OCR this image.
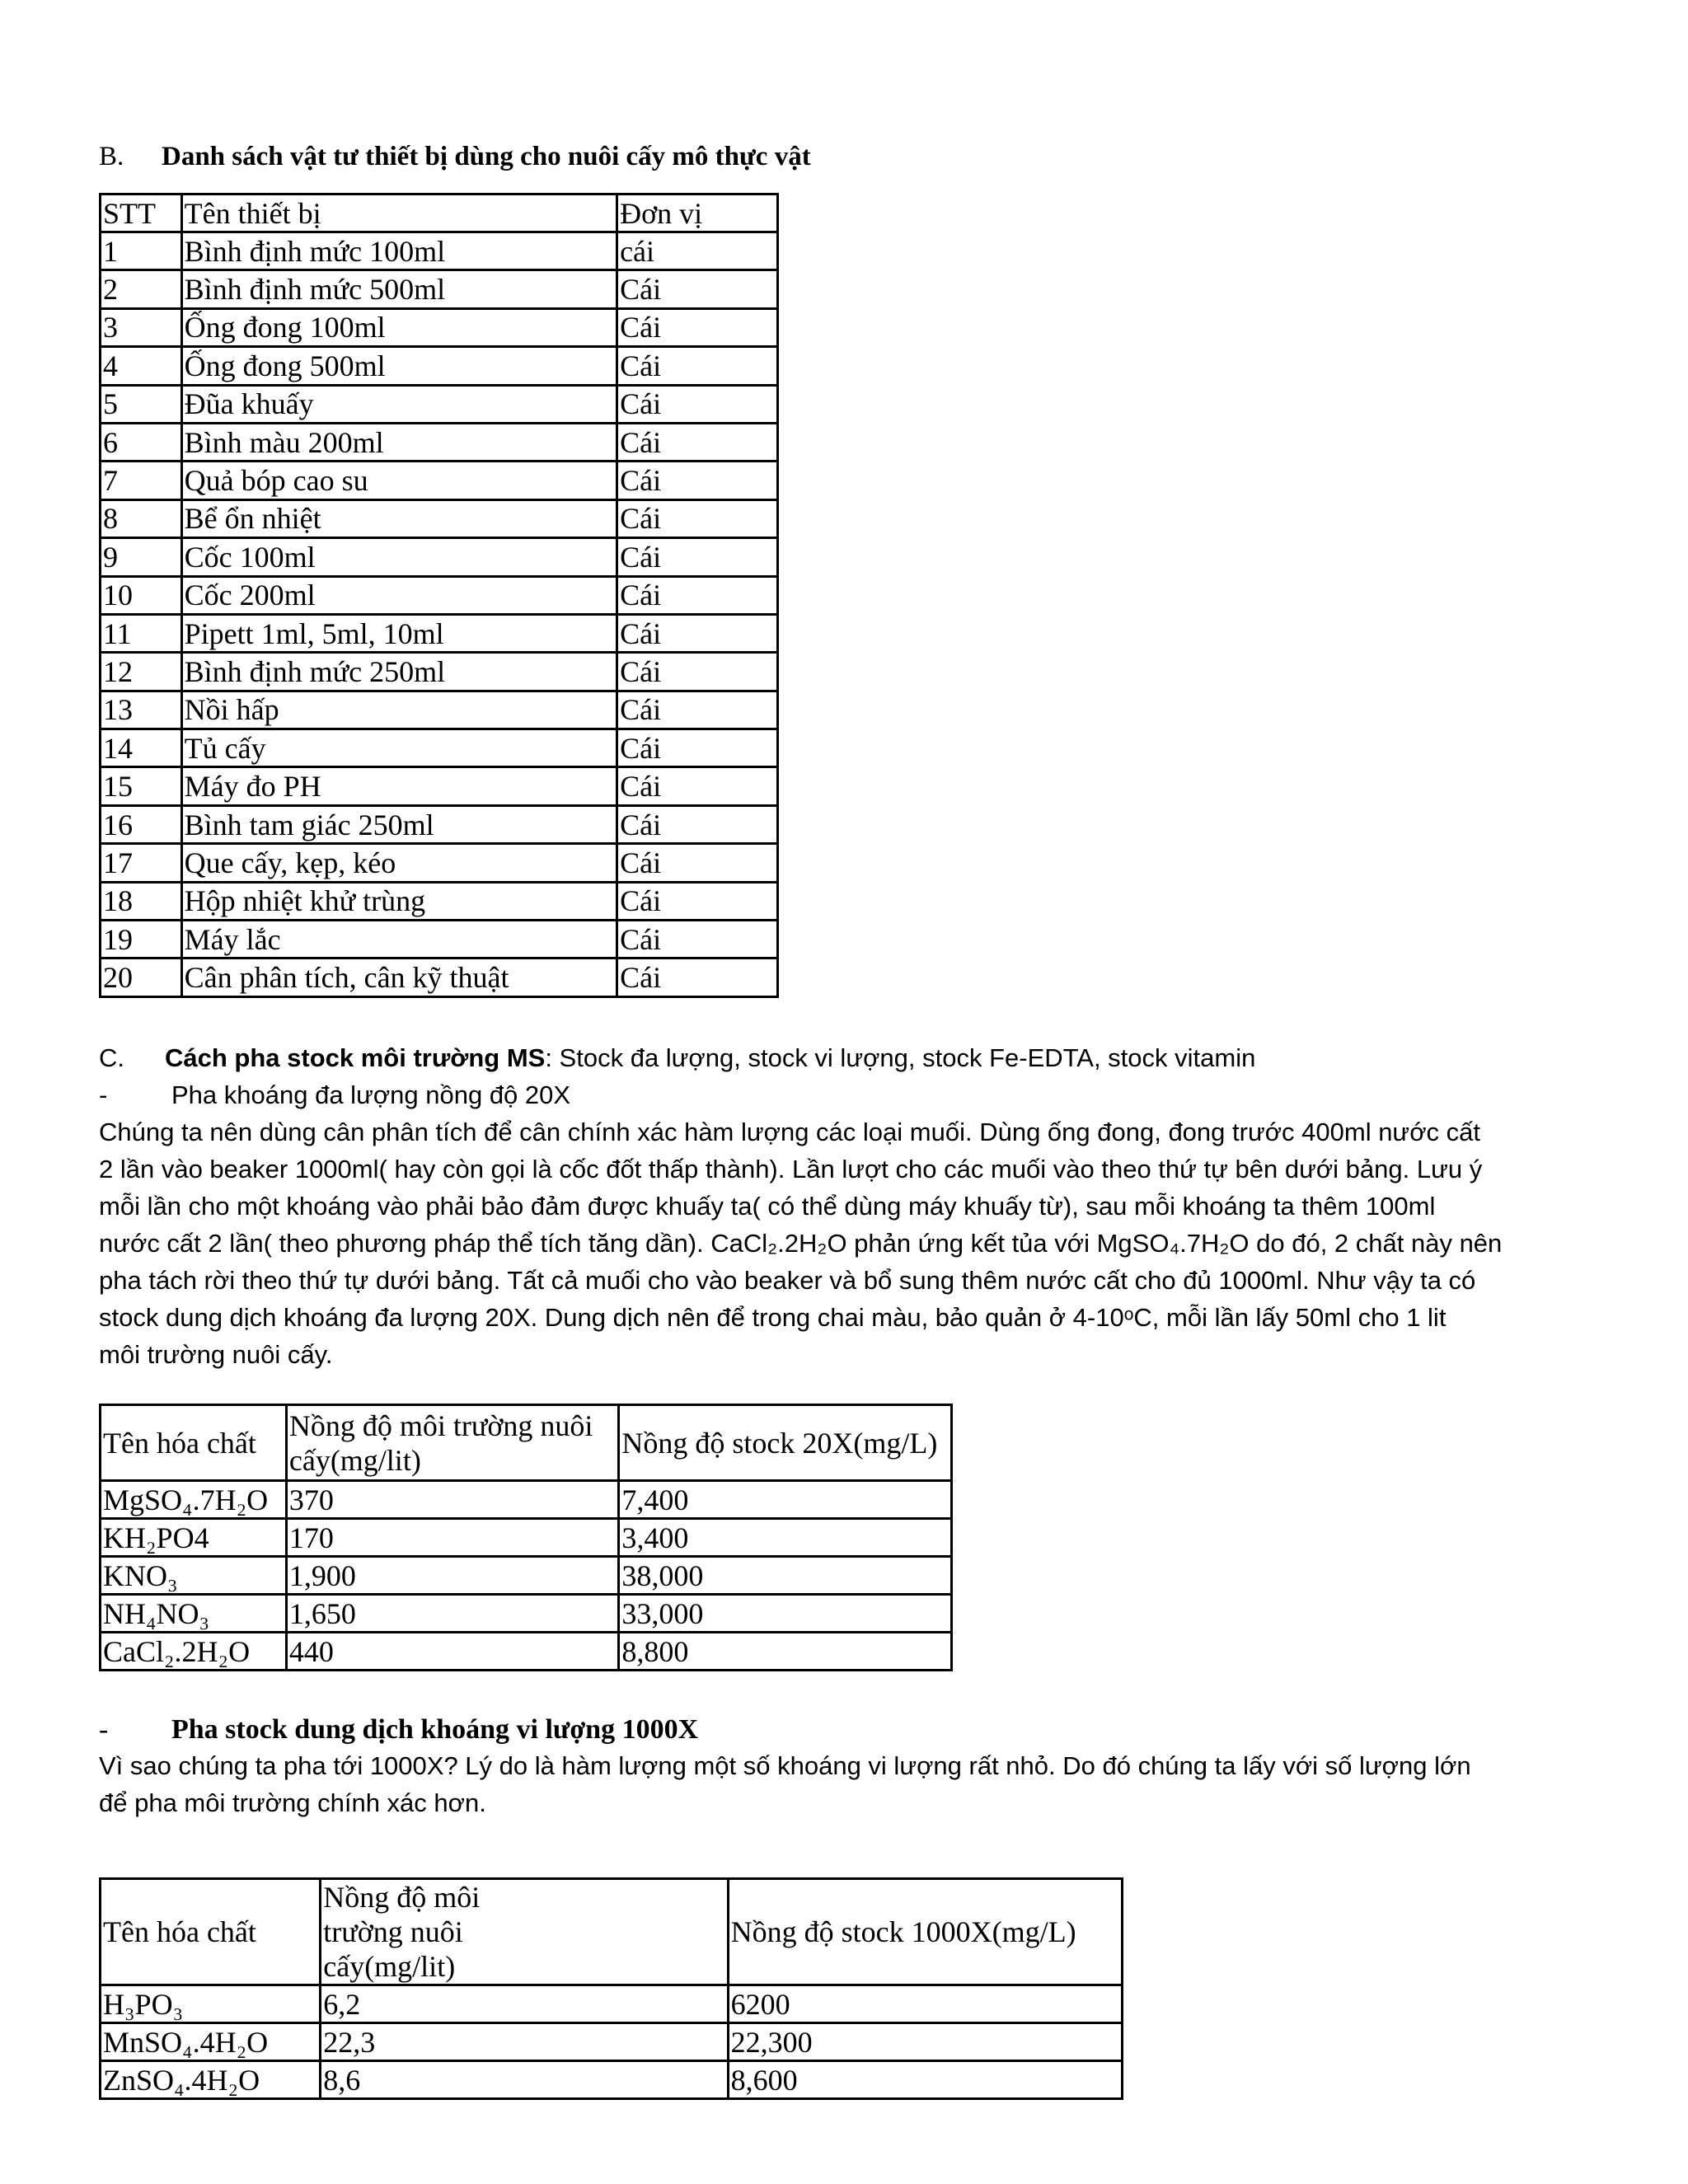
B. Danh sách vật tư thiết bị dùng cho nuôi cấy mô thực vật
STT	Tên thiết bị	Đơn vị
1	Bình định mức 100ml	cái
2	Bình định mức 500ml	Cái
3	Ống đong 100ml	Cái
4	Ống đong 500ml	Cái
5	Đũa khuấy	Cái
6	Bình màu 200ml	Cái
7	Quả bóp cao su	Cái
8	Bể ổn nhiệt	Cái
9	Cốc 100ml	Cái
10	Cốc 200ml	Cái
11	Pipett 1ml, 5ml, 10ml	Cái
12	Bình định mức 250ml	Cái
13	Nồi hấp	Cái
14	Tủ cấy	Cái
15	Máy đo PH	Cái
16	Bình tam giác 250ml	Cái
17	Que cấy, kẹp, kéo	Cái
18	Hộp nhiệt khử trùng	Cái
19	Máy lắc	Cái
20	Cân phân tích, cân kỹ thuật	Cái
C. Cách pha stock môi trường MS: Stock đa lượng, stock vi lượng, stock Fe-EDTA, stock vitamin
-	Pha khoáng đa lượng nồng độ 20X
Chúng ta nên dùng cân phân tích để cân chính xác hàm lượng các loại muối. Dùng ống đong, đong trước 400ml nước cất
2 lần vào beaker 1000ml( hay còn gọi là cốc đốt thấp thành). Lần lượt cho các muối vào theo thứ tự bên dưới bảng. Lưu ý
mỗi lần cho một khoáng vào phải bảo đảm được khuấy ta( có thể dùng máy khuấy từ), sau mỗi khoáng ta thêm 100ml
nước cất 2 lần( theo phương pháp thể tích tăng dần). CaCl₂.2H₂O phản ứng kết tủa với MgSO₄.7H₂O do đó, 2 chất này nên
pha tách rời theo thứ tự dưới bảng. Tất cả muối cho vào beaker và bổ sung thêm nước cất cho đủ 1000ml. Như vậy ta có
stock dung dịch khoáng đa lượng 20X. Dung dịch nên để trong chai màu, bảo quản ở 4-10ᵒC, mỗi lần lấy 50ml cho 1 lit
môi trường nuôi cấy.
Tên hóa chất	Nồng độ môi trường nuôi cấy(mg/lit)	Nồng độ stock 20X(mg/L)
MgSO₄.7H₂O	370	7,400
KH₂PO4	170	3,400
KNO₃	1,900	38,000
NH₄NO₃	1,650	33,000
CaCl₂.2H₂O	440	8,800
- Pha stock dung dịch khoáng vi lượng 1000X
Vì sao chúng ta pha tới 1000X? Lý do là hàm lượng một số khoáng vi lượng rất nhỏ. Do đó chúng ta lấy với số lượng lớn
để pha môi trường chính xác hơn.
Tên hóa chất	Nồng độ môi trường nuôi cấy(mg/lit)	Nồng độ stock 1000X(mg/L)
H₃PO₃	6,2	6200
MnSO₄.4H₂O	22,3	22,300
ZnSO₄.4H₂O	8,6	8,600
